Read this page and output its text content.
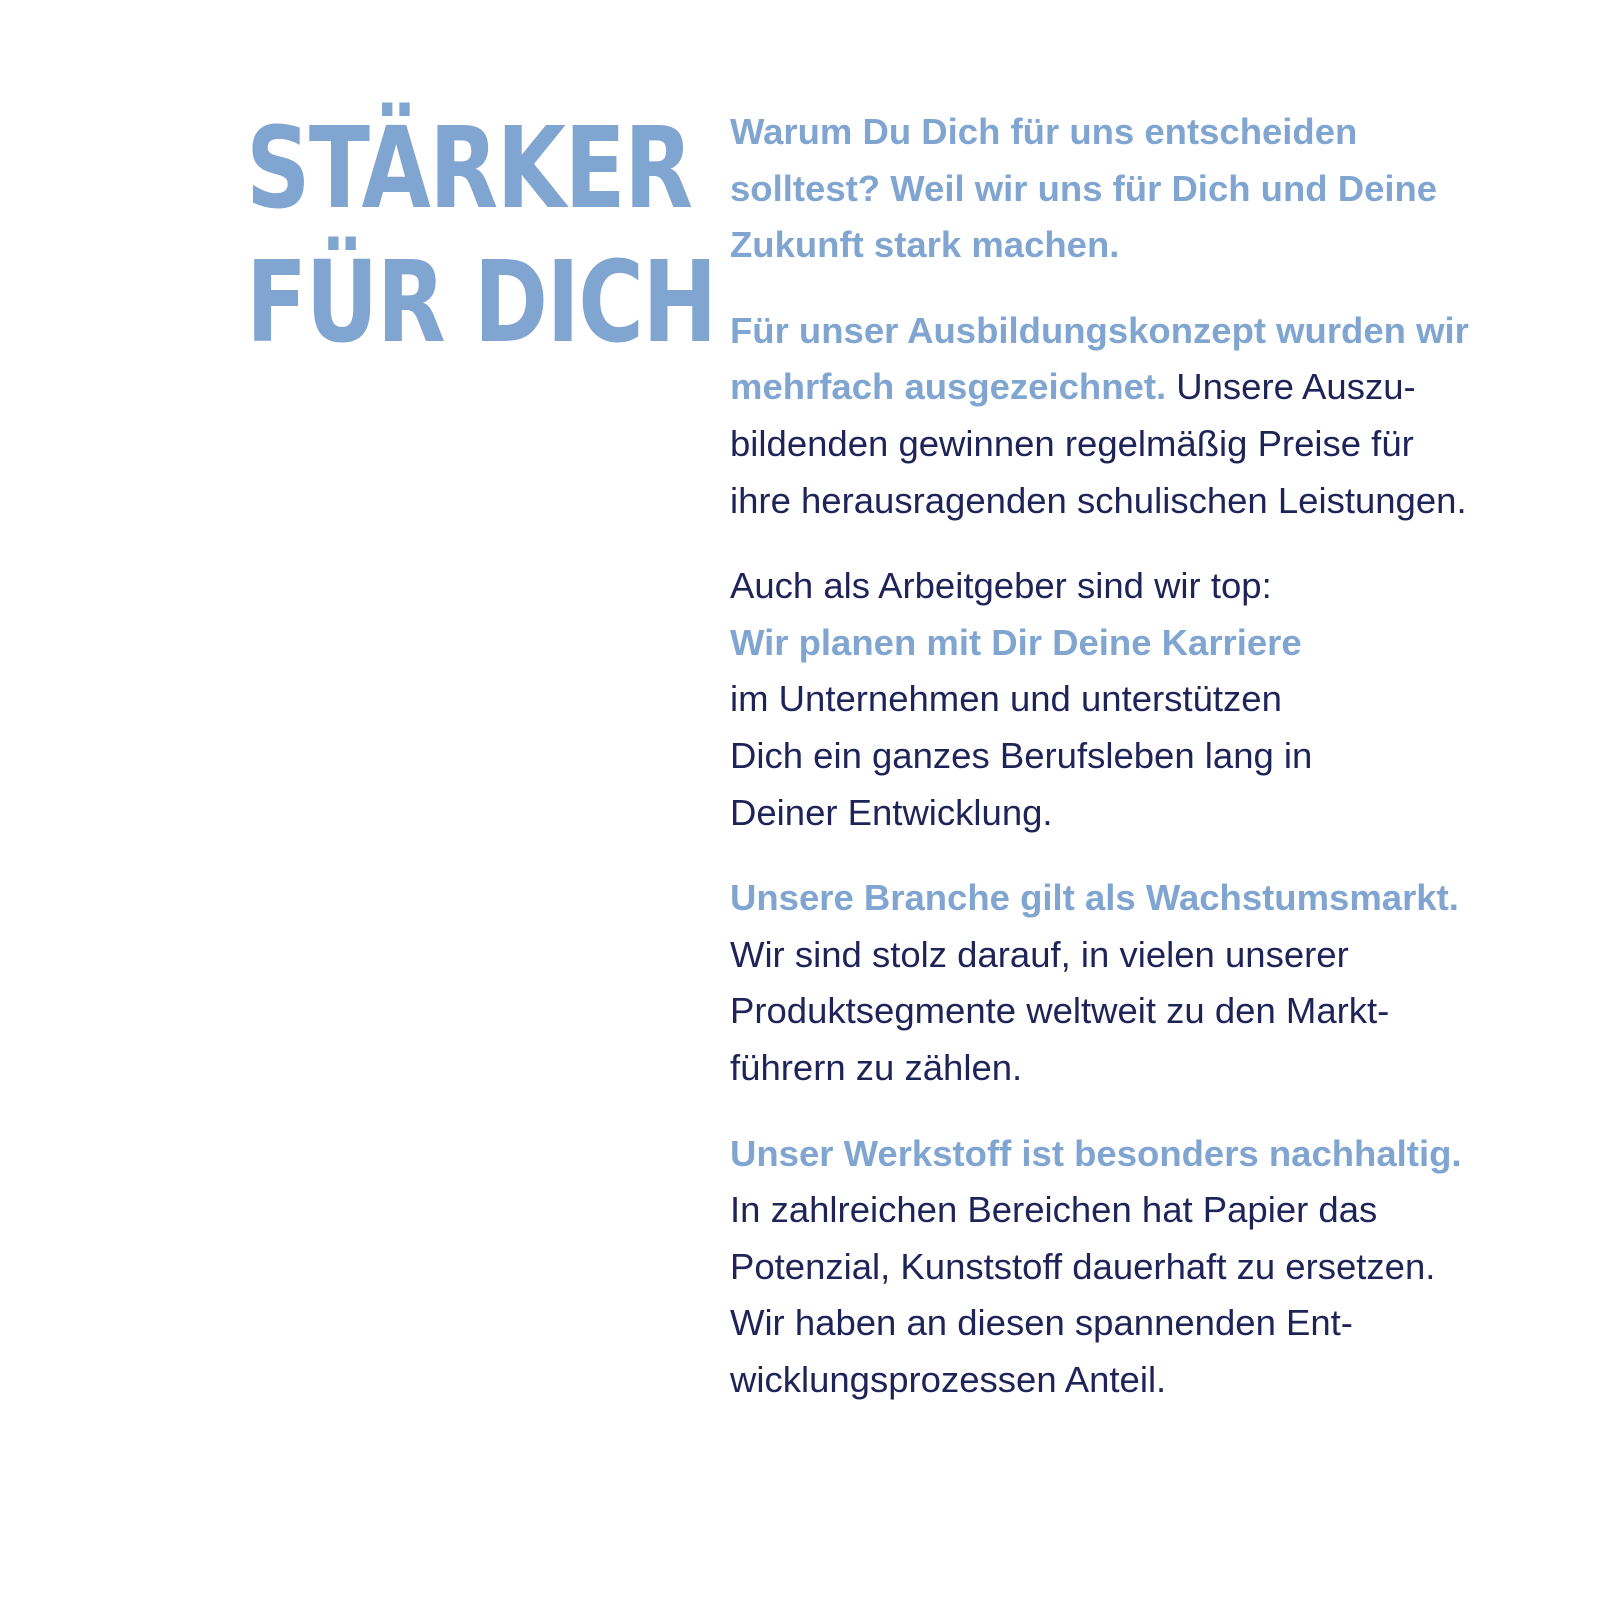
STÄRKER
FÜR DICH

Warum Du Dich für uns entscheiden
solltest? Weil wir uns für Dich und Deine
Zukunft stark machen.

Für unser Ausbildungskonzept wurden wir
mehrfach ausgezeichnet. Unsere Auszu-
bildenden gewinnen regelmäßig Preise für
ihre herausragenden schulischen Leistungen.

Auch als Arbeitgeber sind wir top:
Wir planen mit Dir Deine Karriere
im Unternehmen und unterstützen
Dich ein ganzes Berufsleben lang in
Deiner Entwicklung.

Unsere Branche gilt als Wachstumsmarkt.
Wir sind stolz darauf, in vielen unserer
Produktsegmente weltweit zu den Markt-
führern zu zählen.

Unser Werkstoff ist besonders nachhaltig.
In zahlreichen Bereichen hat Papier das
Potenzial, Kunststoff dauerhaft zu ersetzen.
Wir haben an diesen spannenden Ent-
wicklungsprozessen Anteil.
